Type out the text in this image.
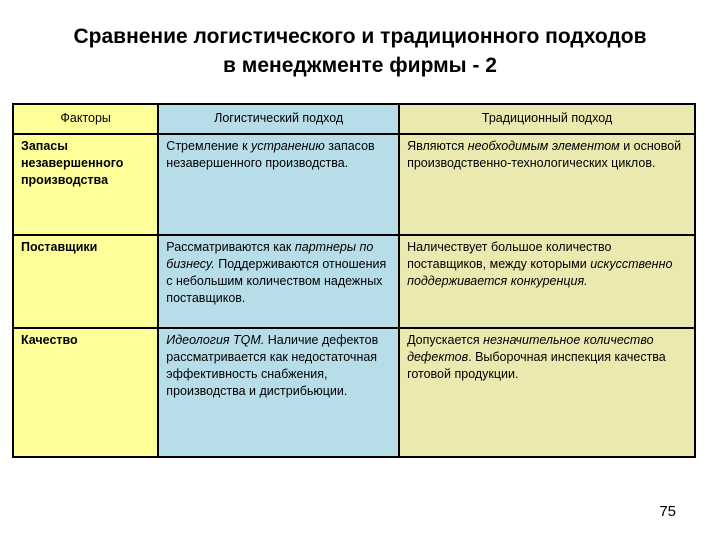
Сравнение логистического и традиционного подходов
в менеджменте фирмы - 2
Факторы	Логистический подход	Традиционный подход
Запасы незавершенного производства	Стремление к устранению запасов незавершенного производства.	Являются необходимым элементом и основой производственно-технологических циклов.
Поставщики	Рассматриваются как партнеры по бизнесу. Поддерживаются отношения с небольшим количеством надежных поставщиков.	Наличествует большое количество поставщиков, между которыми искусственно поддерживается конкуренция.
Качество	Идеология TQM. Наличие дефектов рассматривается как недостаточная эффективность снабжения, производства и дистрибьюции.	Допускается незначительное количество дефектов. Выборочная инспекция качества готовой продукции.
75
